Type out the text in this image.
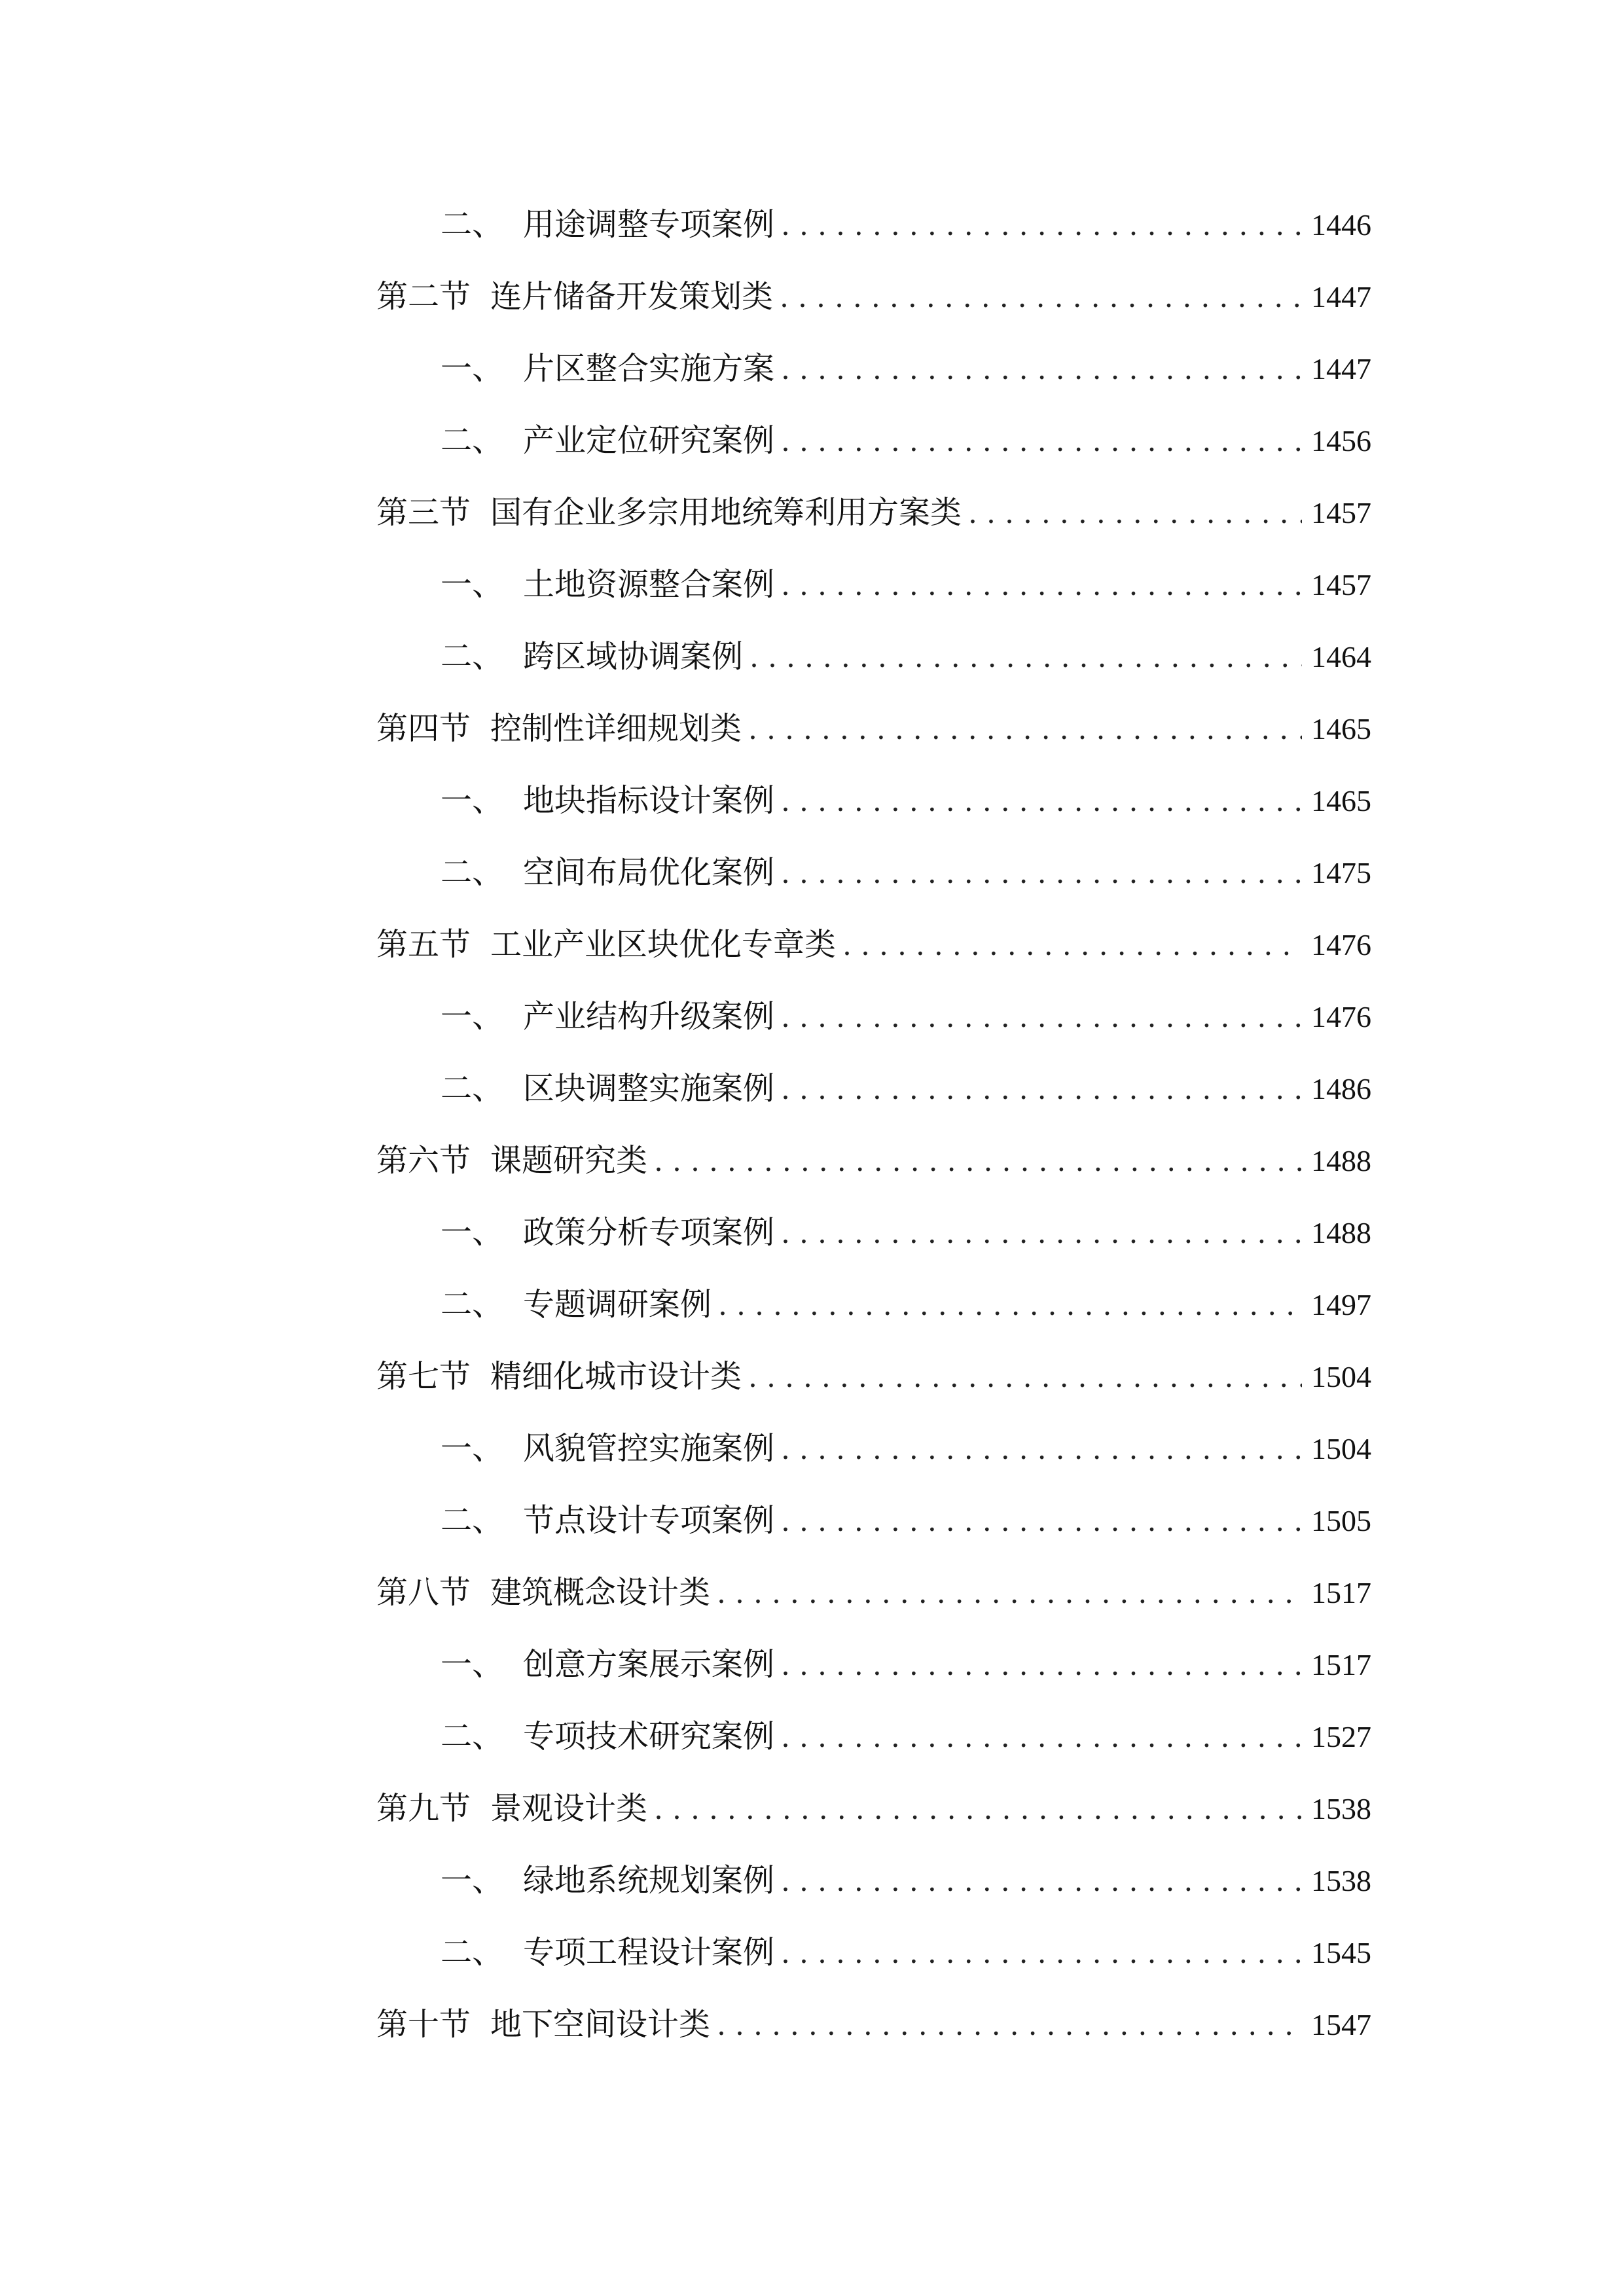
二、 用途调整专项案例 . . .	1446
第二节 连片储备开发策划类 . . .	1447
一、 片区整合实施方案 . . .	1447
二、 产业定位研究案例 . . .	1456
第三节 国有企业多宗用地统筹利用方案类 . . .	1457
一、 土地资源整合案例 . . .	1457
二、 跨区域协调案例 . . .	1464
第四节 控制性详细规划类 . . .	1465
一、 地块指标设计案例 . . .	1465
二、 空间布局优化案例 . . .	1475
第五节 工业产业区块优化专章类 . . .	1476
一、 产业结构升级案例 . . .	1476
二、 区块调整实施案例 . . .	1486
第六节 课题研究类 . . .	1488
一、 政策分析专项案例 . . .	1488
二、 专题调研案例 . . .	1497
第七节 精细化城市设计类 . . .	1504
一、 风貌管控实施案例 . . .	1504
二、 节点设计专项案例 . . .	1505
第八节 建筑概念设计类 . . .	1517
一、 创意方案展示案例 . . .	1517
二、 专项技术研究案例 . . .	1527
第九节 景观设计类 . . .	1538
一、 绿地系统规划案例 . . .	1538
二、 专项工程设计案例 . . .	1545
第十节 地下空间设计类 . . .	1547
